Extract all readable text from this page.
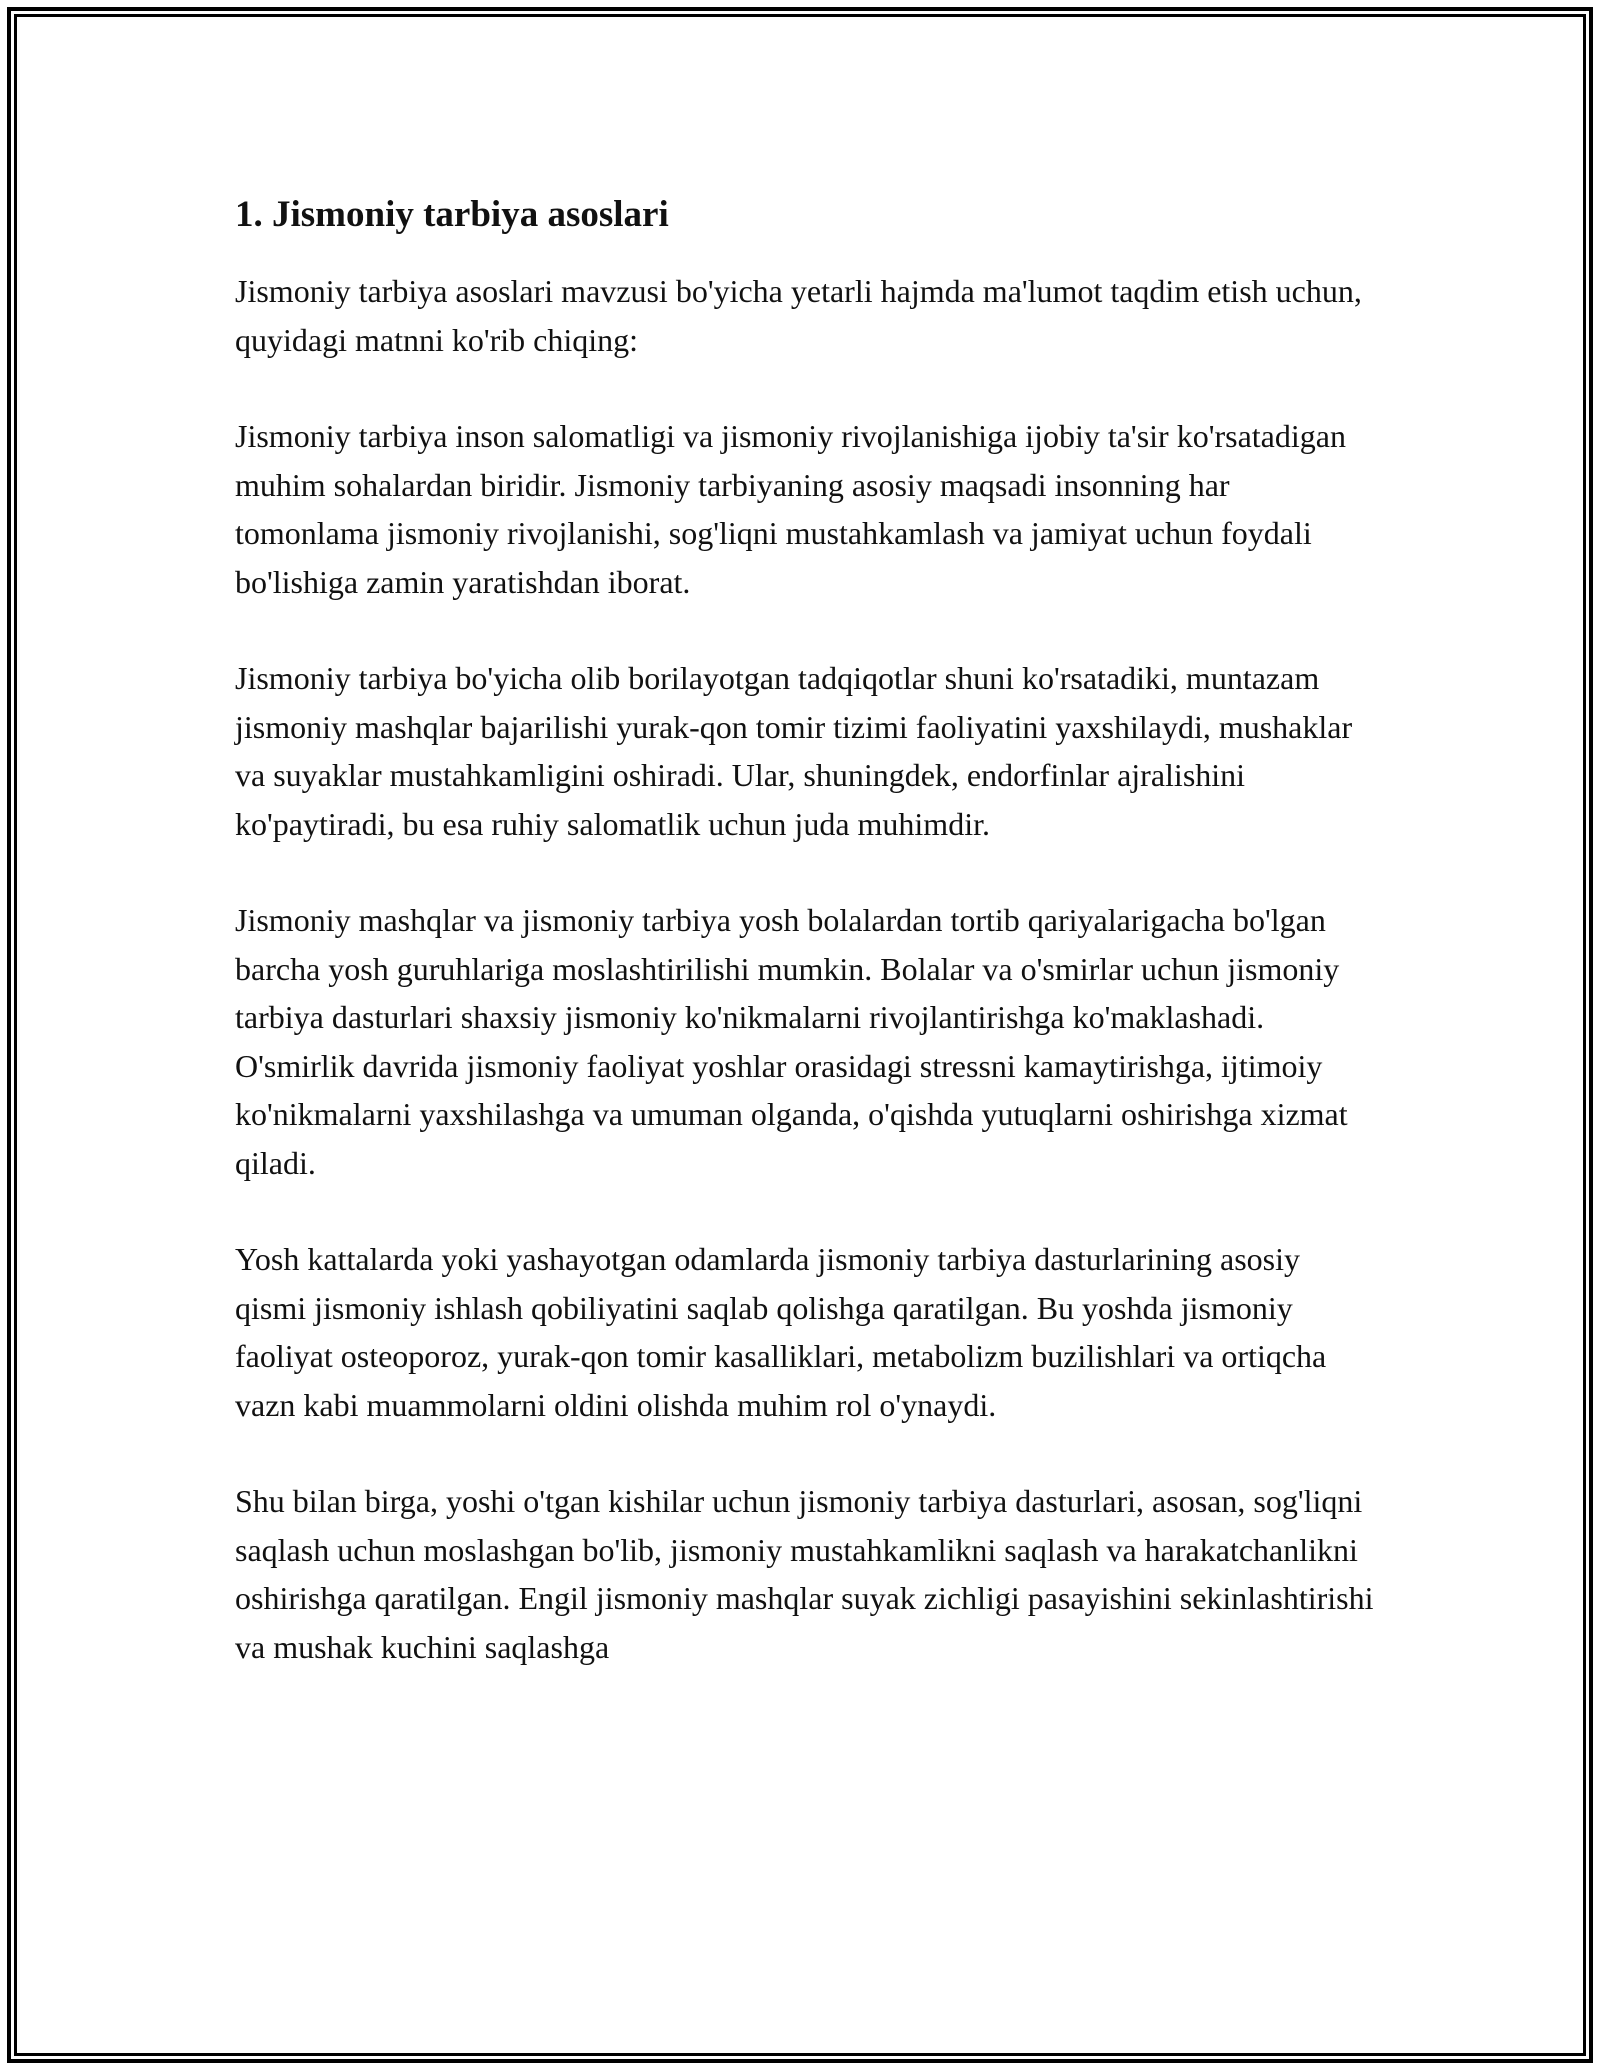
1. Jismoniy tarbiya asoslari

Jismoniy tarbiya asoslari mavzusi bo'yicha yetarli hajmda ma'lumot taqdim etish uchun, quyidagi matnni ko'rib chiqing:

Jismoniy tarbiya inson salomatligi va jismoniy rivojlanishiga ijobiy ta'sir ko'rsatadigan muhim sohalardan biridir. Jismoniy tarbiyaning asosiy maqsadi insonning har tomonlama jismoniy rivojlanishi, sog'liqni mustahkamlash va jamiyat uchun foydali bo'lishiga zamin yaratishdan iborat.

Jismoniy tarbiya bo'yicha olib borilayotgan tadqiqotlar shuni ko'rsatadiki, muntazam jismoniy mashqlar bajarilishi yurak-qon tomir tizimi faoliyatini yaxshilaydi, mushaklar va suyaklar mustahkamligini oshiradi. Ular, shuningdek, endorfinlar ajralishini ko'paytiradi, bu esa ruhiy salomatlik uchun juda muhimdir.

Jismoniy mashqlar va jismoniy tarbiya yosh bolalardan tortib qariyalarigacha bo'lgan barcha yosh guruhlariga moslashtirilishi mumkin. Bolalar va o'smirlar uchun jismoniy tarbiya dasturlari shaxsiy jismoniy ko'nikmalarni rivojlantirishga ko'maklashadi. O'smirlik davrida jismoniy faoliyat yoshlar orasidagi stressni kamaytirishga, ijtimoiy ko'nikmalarni yaxshilashga va umuman olganda, o'qishda yutuqlarni oshirishga xizmat qiladi.

Yosh kattalarda yoki yashayotgan odamlarda jismoniy tarbiya dasturlarining asosiy qismi jismoniy ishlash qobiliyatini saqlab qolishga qaratilgan. Bu yoshda jismoniy faoliyat osteoporoz, yurak-qon tomir kasalliklari, metabolizm buzilishlari va ortiqcha vazn kabi muammolarni oldini olishda muhim rol o'ynaydi.

Shu bilan birga, yoshi o'tgan kishilar uchun jismoniy tarbiya dasturlari, asosan, sog'liqni saqlash uchun moslashgan bo'lib, jismoniy mustahkamlikni saqlash va harakatchanlikni oshirishga qaratilgan. Engil jismoniy mashqlar suyak zichligi pasayishini sekinlashtirishi va mushak kuchini saqlashga
